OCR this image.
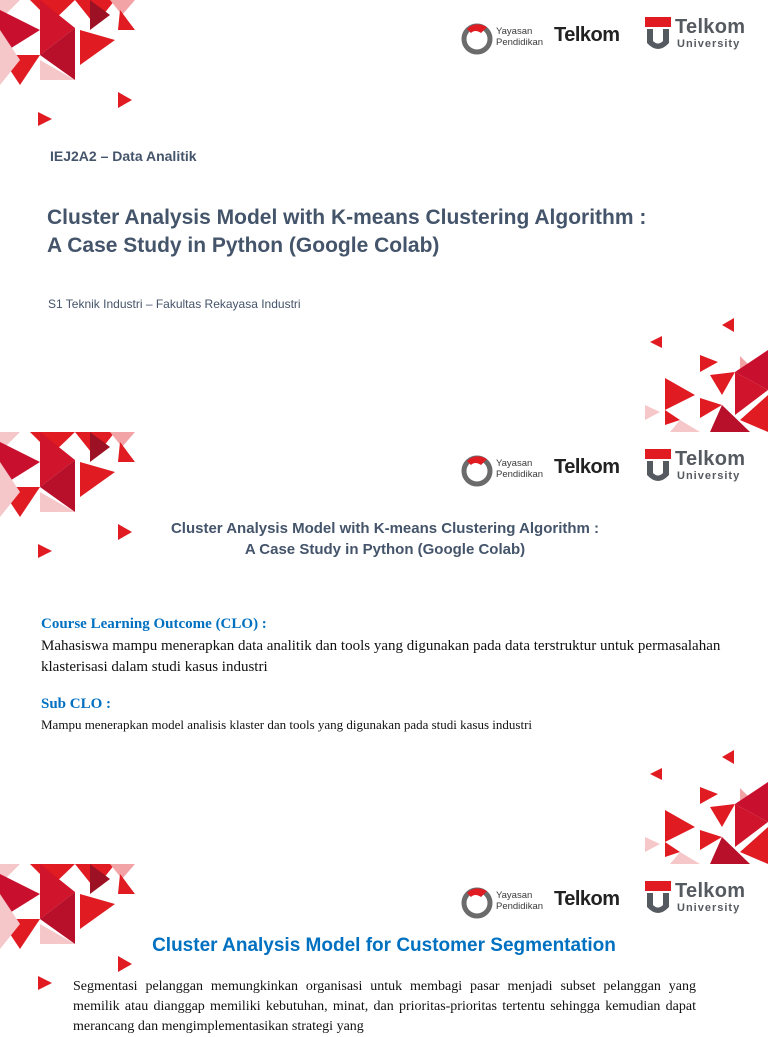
Yayasan
Pendidikan Telkom	Telkom
University
IEJ2A2 – Data Analitik
Cluster Analysis Model with K-means Clustering Algorithm :
A Case Study in Python (Google Colab)
S1 Teknik Industri – Fakultas Rekayasa Industri
Yayasan
Pendidikan Telkom	Telkom
University
Cluster Analysis Model with K-means Clustering Algorithm :
A Case Study in Python (Google Colab)
Course Learning Outcome (CLO) :
Mahasiswa mampu menerapkan data analitik dan tools yang digunakan pada data terstruktur untuk permasalahan klasterisasi dalam studi kasus industri
Sub CLO :
Mampu menerapkan model analisis klaster dan tools yang digunakan pada studi kasus industri
Yayasan
Pendidikan Telkom	Telkom
University
Cluster Analysis Model for Customer Segmentation
Segmentasi pelanggan memungkinkan organisasi untuk membagi pasar menjadi subset pelanggan yang memilik atau dianggap memiliki kebutuhan, minat, dan prioritas-prioritas tertentu sehingga kemudian dapat merancang dan mengimplementasikan strategi yang
